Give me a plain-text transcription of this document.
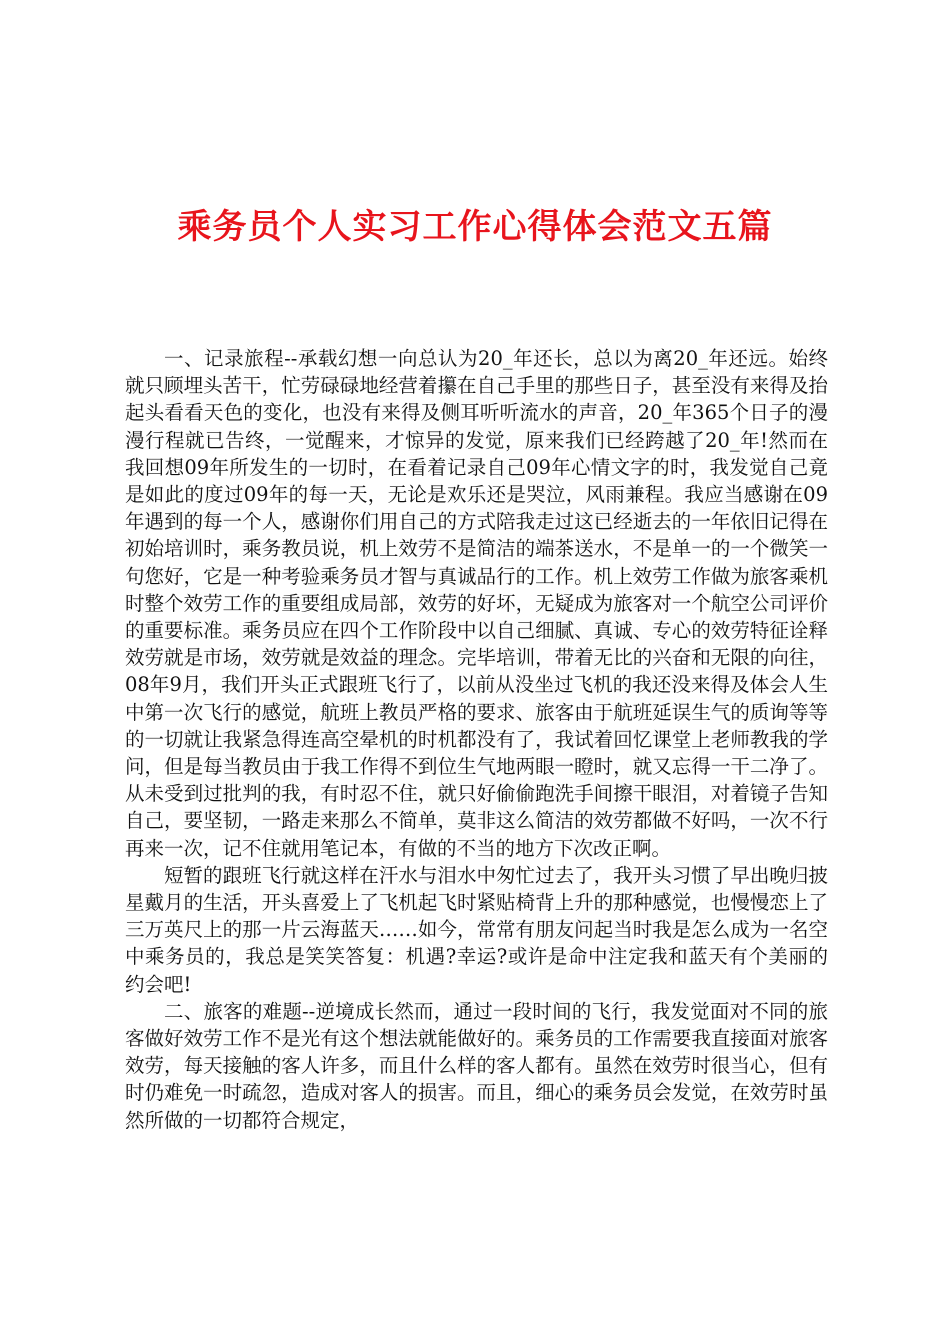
乘务员个人实习工作心得体会范文五篇

一、记录旅程--承载幻想一向总认为20_年还长，总以为离20_年还远。始终就只顾埋头苦干，忙劳碌碌地经营着攥在自己手里的那些日子，甚至没有来得及抬起头看看天色的变化，也没有来得及侧耳听听流水的声音，20_年365个日子的漫漫行程就已告终，一觉醒来，才惊异的发觉，原来我们已经跨越了20_年!然而在我回想09年所发生的一切时，在看着记录自己09年心情文字的时，我发觉自己竟是如此的度过09年的每一天，无论是欢乐还是哭泣，风雨兼程。我应当感谢在09年遇到的每一个人，感谢你们用自己的方式陪我走过这已经逝去的一年依旧记得在初始培训时，乘务教员说，机上效劳不是简洁的端茶送水，不是单一的一个微笑一句您好，它是一种考验乘务员才智与真诚品行的工作。机上效劳工作做为旅客乘机时整个效劳工作的重要组成局部，效劳的好坏，无疑成为旅客对一个航空公司评价的重要标准。乘务员应在四个工作阶段中以自己细腻、真诚、专心的效劳特征诠释效劳就是市场，效劳就是效益的理念。完毕培训，带着无比的兴奋和无限的向往，08年9月，我们开头正式跟班飞行了，以前从没坐过飞机的我还没来得及体会人生中第一次飞行的感觉，航班上教员严格的要求、旅客由于航班延误生气的质询等等的一切就让我紧急得连高空晕机的时机都没有了，我试着回忆课堂上老师教我的学问，但是每当教员由于我工作得不到位生气地两眼一瞪时，就又忘得一干二净了。从未受到过批判的我，有时忍不住，就只好偷偷跑洗手间擦干眼泪，对着镜子告知自己，要坚韧，一路走来那么不简单，莫非这么简洁的效劳都做不好吗，一次不行再来一次，记不住就用笔记本，有做的不当的地方下次改正啊。

短暂的跟班飞行就这样在汗水与泪水中匆忙过去了，我开头习惯了早出晚归披星戴月的生活，开头喜爱上了飞机起飞时紧贴椅背上升的那种感觉，也慢慢恋上了三万英尺上的那一片云海蓝天……如今，常常有朋友问起当时我是怎么成为一名空中乘务员的，我总是笑笑答复：机遇?幸运?或许是命中注定我和蓝天有个美丽的约会吧!

二、旅客的难题--逆境成长然而，通过一段时间的飞行，我发觉面对不同的旅客做好效劳工作不是光有这个想法就能做好的。乘务员的工作需要我直接面对旅客效劳，每天接触的客人许多，而且什么样的客人都有。虽然在效劳时很当心，但有时仍难免一时疏忽，造成对客人的损害。而且，细心的乘务员会发觉，在效劳时虽然所做的一切都符合规定，
